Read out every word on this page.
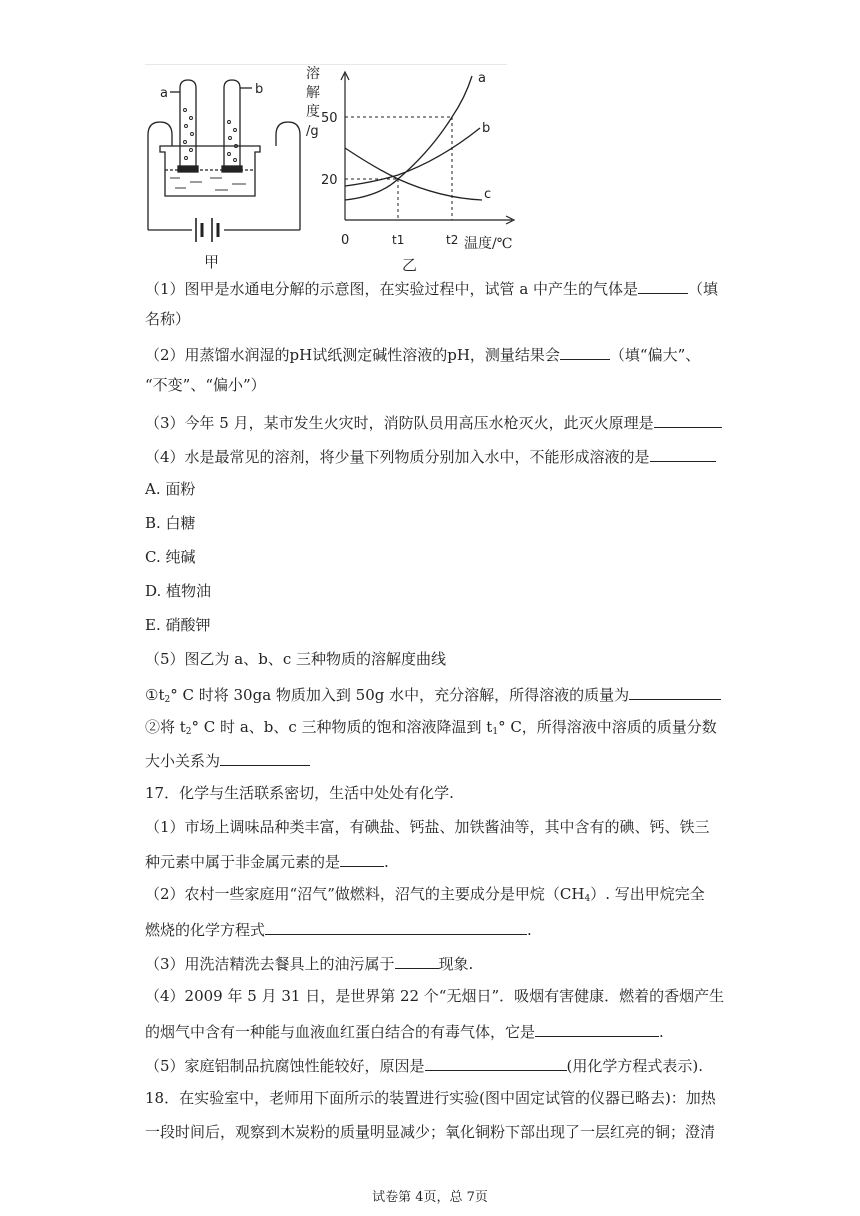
a	b
甲
溶
解
度
/g
50
20
0	t1	t2 温度/℃
a
b
c
乙
（1）图甲是水通电分解的示意图，在实验过程中，试管 a 中产生的气体是	（填
名称）
（2）用蒸馏水润湿的pH试纸测定碱性溶液的pH，测量结果会	（填“偏大”、
“不变”、“偏小”）
（3）今年 5 月，某市发生火灾时，消防队员用高压水枪灭火，此灭火原理是
（4）水是最常见的溶剂，将少量下列物质分别加入水中，不能形成溶液的是
A. 面粉
B. 白糖
C. 纯碱
D. 植物油
E. 硝酸钾
（5）图乙为 a、b、c 三种物质的溶解度曲线
$①t_2^\circ$ C 时将 30ga 物质加入到 50g 水中，充分溶解，所得溶液的质量为
②将 $t_2^\circ$ C 时 a、b、c 三种物质的饱和溶液降温到 $t_1^\circ$ C，所得溶液中溶质的质量分数
大小关系为
17．化学与生活联系密切，生活中处处有化学.
（1）市场上调味品种类丰富，有碘盐、钙盐、加铁酱油等，其中含有的碘、钙、铁三
种元素中属于非金属元素的是	.
（2）农村一些家庭用“沼气”做燃料，沼气的主要成分是甲烷$(CH_4)$. 写出甲烷完全
燃烧的化学方程式	.
（3）用洗洁精洗去餐具上的油污属于	现象.
（4）2009 年 5 月 31 日，是世界第 22 个“无烟日”．吸烟有害健康．燃着的香烟产生
的烟气中含有一种能与血液血红蛋白结合的有毒气体，它是	.
（5）家庭铝制品抗腐蚀性能较好，原因是	(用化学方程式表示).
18．在实验室中，老师用下面所示的装置进行实验(图中固定试管的仪器已略去)：加热
一段时间后，观察到木炭粉的质量明显减少；氧化铜粉下部出现了一层红亮的铜；澄清
试卷第 4页，总 7页
